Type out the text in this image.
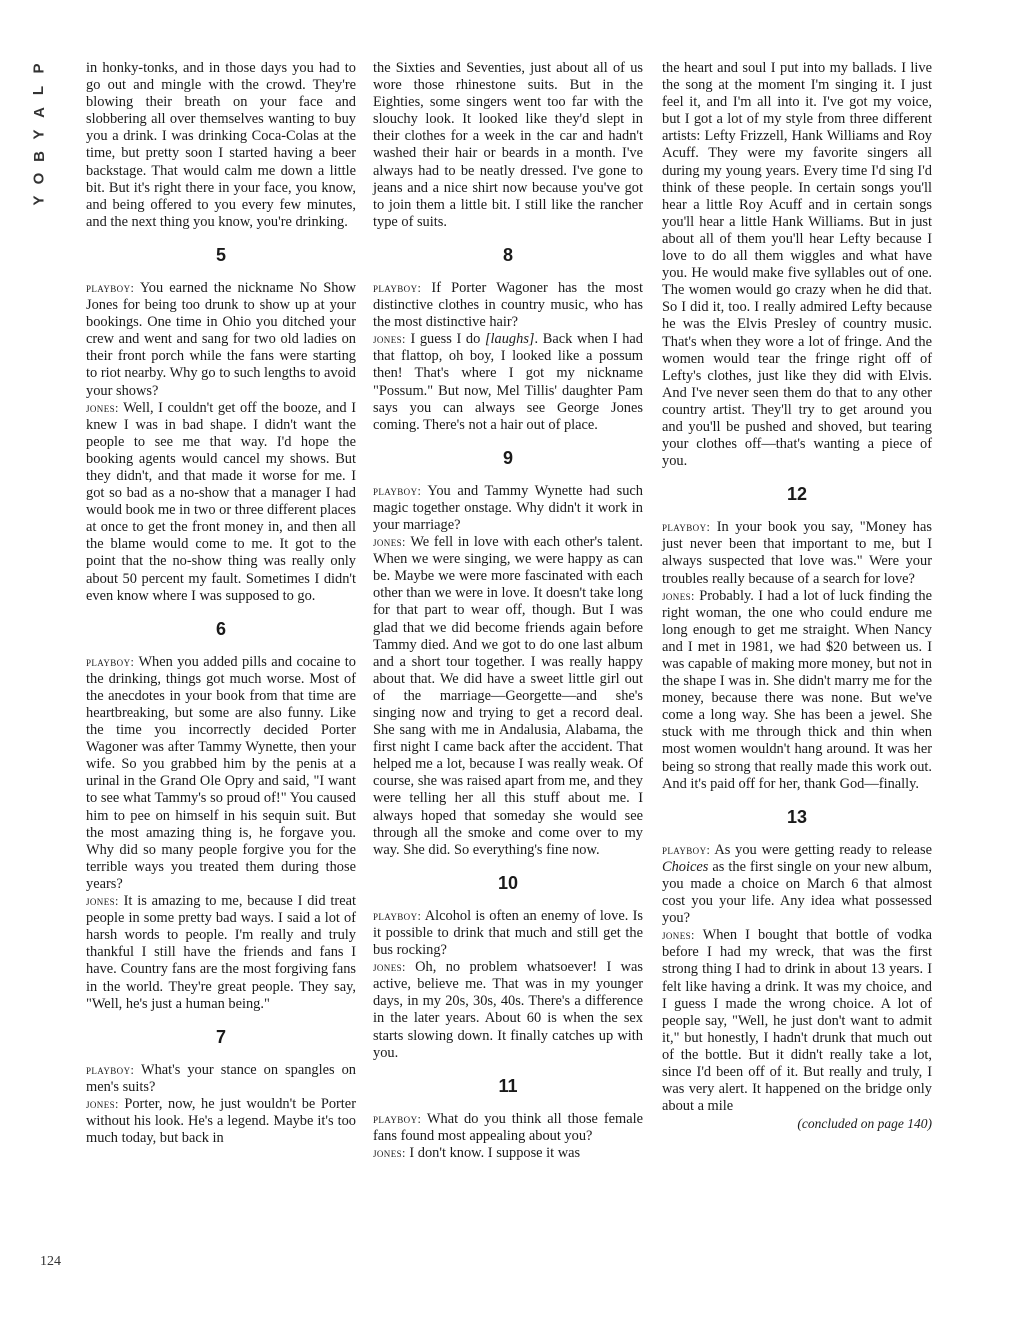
P
L
A
Y
B
O
Y

in honky-tonks, and in those days you had to go out and mingle with the crowd. They're blowing their breath on your face and slobbering all over themselves wanting to buy you a drink. I was drinking Coca-Colas at the time, but pretty soon I started having a beer backstage. That would calm me down a little bit. But it's right there in your face, you know, and being offered to you every few minutes, and the next thing you know, you're drinking.

5

playboy: You earned the nickname No Show Jones for being too drunk to show up at your bookings. One time in Ohio you ditched your crew and went and sang for two old ladies on their front porch while the fans were starting to riot nearby. Why go to such lengths to avoid your shows?

jones: Well, I couldn't get off the booze, and I knew I was in bad shape. I didn't want the people to see me that way. I'd hope the booking agents would cancel my shows. But they didn't, and that made it worse for me. I got so bad as a no-show that a manager I had would book me in two or three different places at once to get the front money in, and then all the blame would come to me. It got to the point that the no-show thing was really only about 50 percent my fault. Sometimes I didn't even know where I was supposed to go.

6

playboy: When you added pills and cocaine to the drinking, things got much worse. Most of the anecdotes in your book from that time are heartbreaking, but some are also funny. Like the time you incorrectly decided Porter Wagoner was after Tammy Wynette, then your wife. So you grabbed him by the penis at a urinal in the Grand Ole Opry and said, "I want to see what Tammy's so proud of!" You caused him to pee on himself in his sequin suit. But the most amazing thing is, he forgave you. Why did so many people forgive you for the terrible ways you treated them during those years?

jones: It is amazing to me, because I did treat people in some pretty bad ways. I said a lot of harsh words to people. I'm really and truly thankful I still have the friends and fans I have. Country fans are the most forgiving fans in the world. They're great people. They say, "Well, he's just a human being."

7

playboy: What's your stance on spangles on men's suits?

jones: Porter, now, he just wouldn't be Porter without his look. He's a legend. Maybe it's too much today, but back in

the Sixties and Seventies, just about all of us wore those rhinestone suits. But in the Eighties, some singers went too far with the slouchy look. It looked like they'd slept in their clothes for a week in the car and hadn't washed their hair or beards in a month. I've always had to be neatly dressed. I've gone to jeans and a nice shirt now because you've got to join them a little bit. I still like the rancher type of suits.

8

playboy: If Porter Wagoner has the most distinctive clothes in country music, who has the most distinctive hair?

jones: I guess I do [laughs]. Back when I had that flattop, oh boy, I looked like a possum then! That's where I got my nickname "Possum." But now, Mel Tillis' daughter Pam says you can always see George Jones coming. There's not a hair out of place.

9

playboy: You and Tammy Wynette had such magic together onstage. Why didn't it work in your marriage?

jones: We fell in love with each other's talent. When we were singing, we were happy as can be. Maybe we were more fascinated with each other than we were in love. It doesn't take long for that part to wear off, though. But I was glad that we did become friends again before Tammy died. And we got to do one last album and a short tour together. I was really happy about that. We did have a sweet little girl out of the marriage—Georgette—and she's singing now and trying to get a record deal. She sang with me in Andalusia, Alabama, the first night I came back after the accident. That helped me a lot, because I was really weak. Of course, she was raised apart from me, and they were telling her all this stuff about me. I always hoped that someday she would see through all the smoke and come over to my way. She did. So everything's fine now.

10

playboy: Alcohol is often an enemy of love. Is it possible to drink that much and still get the bus rocking?

jones: Oh, no problem whatsoever! I was active, believe me. That was in my younger days, in my 20s, 30s, 40s. There's a difference in the later years. About 60 is when the sex starts slowing down. It finally catches up with you.

11

playboy: What do you think all those female fans found most appealing about you?

jones: I don't know. I suppose it was

the heart and soul I put into my ballads. I live the song at the moment I'm singing it. I just feel it, and I'm all into it. I've got my voice, but I got a lot of my style from three different artists: Lefty Frizzell, Hank Williams and Roy Acuff. They were my favorite singers all during my young years. Every time I'd sing I'd think of these people. In certain songs you'll hear a little Roy Acuff and in certain songs you'll hear a little Hank Williams. But in just about all of them you'll hear Lefty because I love to do all them wiggles and what have you. He would make five syllables out of one. The women would go crazy when he did that. So I did it, too. I really admired Lefty because he was the Elvis Presley of country music. That's when they wore a lot of fringe. And the women would tear the fringe right off of Lefty's clothes, just like they did with Elvis. And I've never seen them do that to any other country artist. They'll try to get around you and you'll be pushed and shoved, but tearing your clothes off—that's wanting a piece of you.

12

playboy: In your book you say, "Money has just never been that important to me, but I always suspected that love was." Were your troubles really because of a search for love?

jones: Probably. I had a lot of luck finding the right woman, the one who could endure me long enough to get me straight. When Nancy and I met in 1981, we had $20 between us. I was capable of making more money, but not in the shape I was in. She didn't marry me for the money, because there was none. But we've come a long way. She has been a jewel. She stuck with me through thick and thin when most women wouldn't hang around. It was her being so strong that really made this work out. And it's paid off for her, thank God—finally.

13

playboy: As you were getting ready to release Choices as the first single on your new album, you made a choice on March 6 that almost cost you your life. Any idea what possessed you?

jones: When I bought that bottle of vodka before I had my wreck, that was the first strong thing I had to drink in about 13 years. I felt like having a drink. It was my choice, and I guess I made the wrong choice. A lot of people say, "Well, he just don't want to admit it," but honestly, I hadn't drunk that much out of the bottle. But it didn't really take a lot, since I'd been off of it. But really and truly, I was very alert. It happened on the bridge only about a mile

(concluded on page 140)

124
